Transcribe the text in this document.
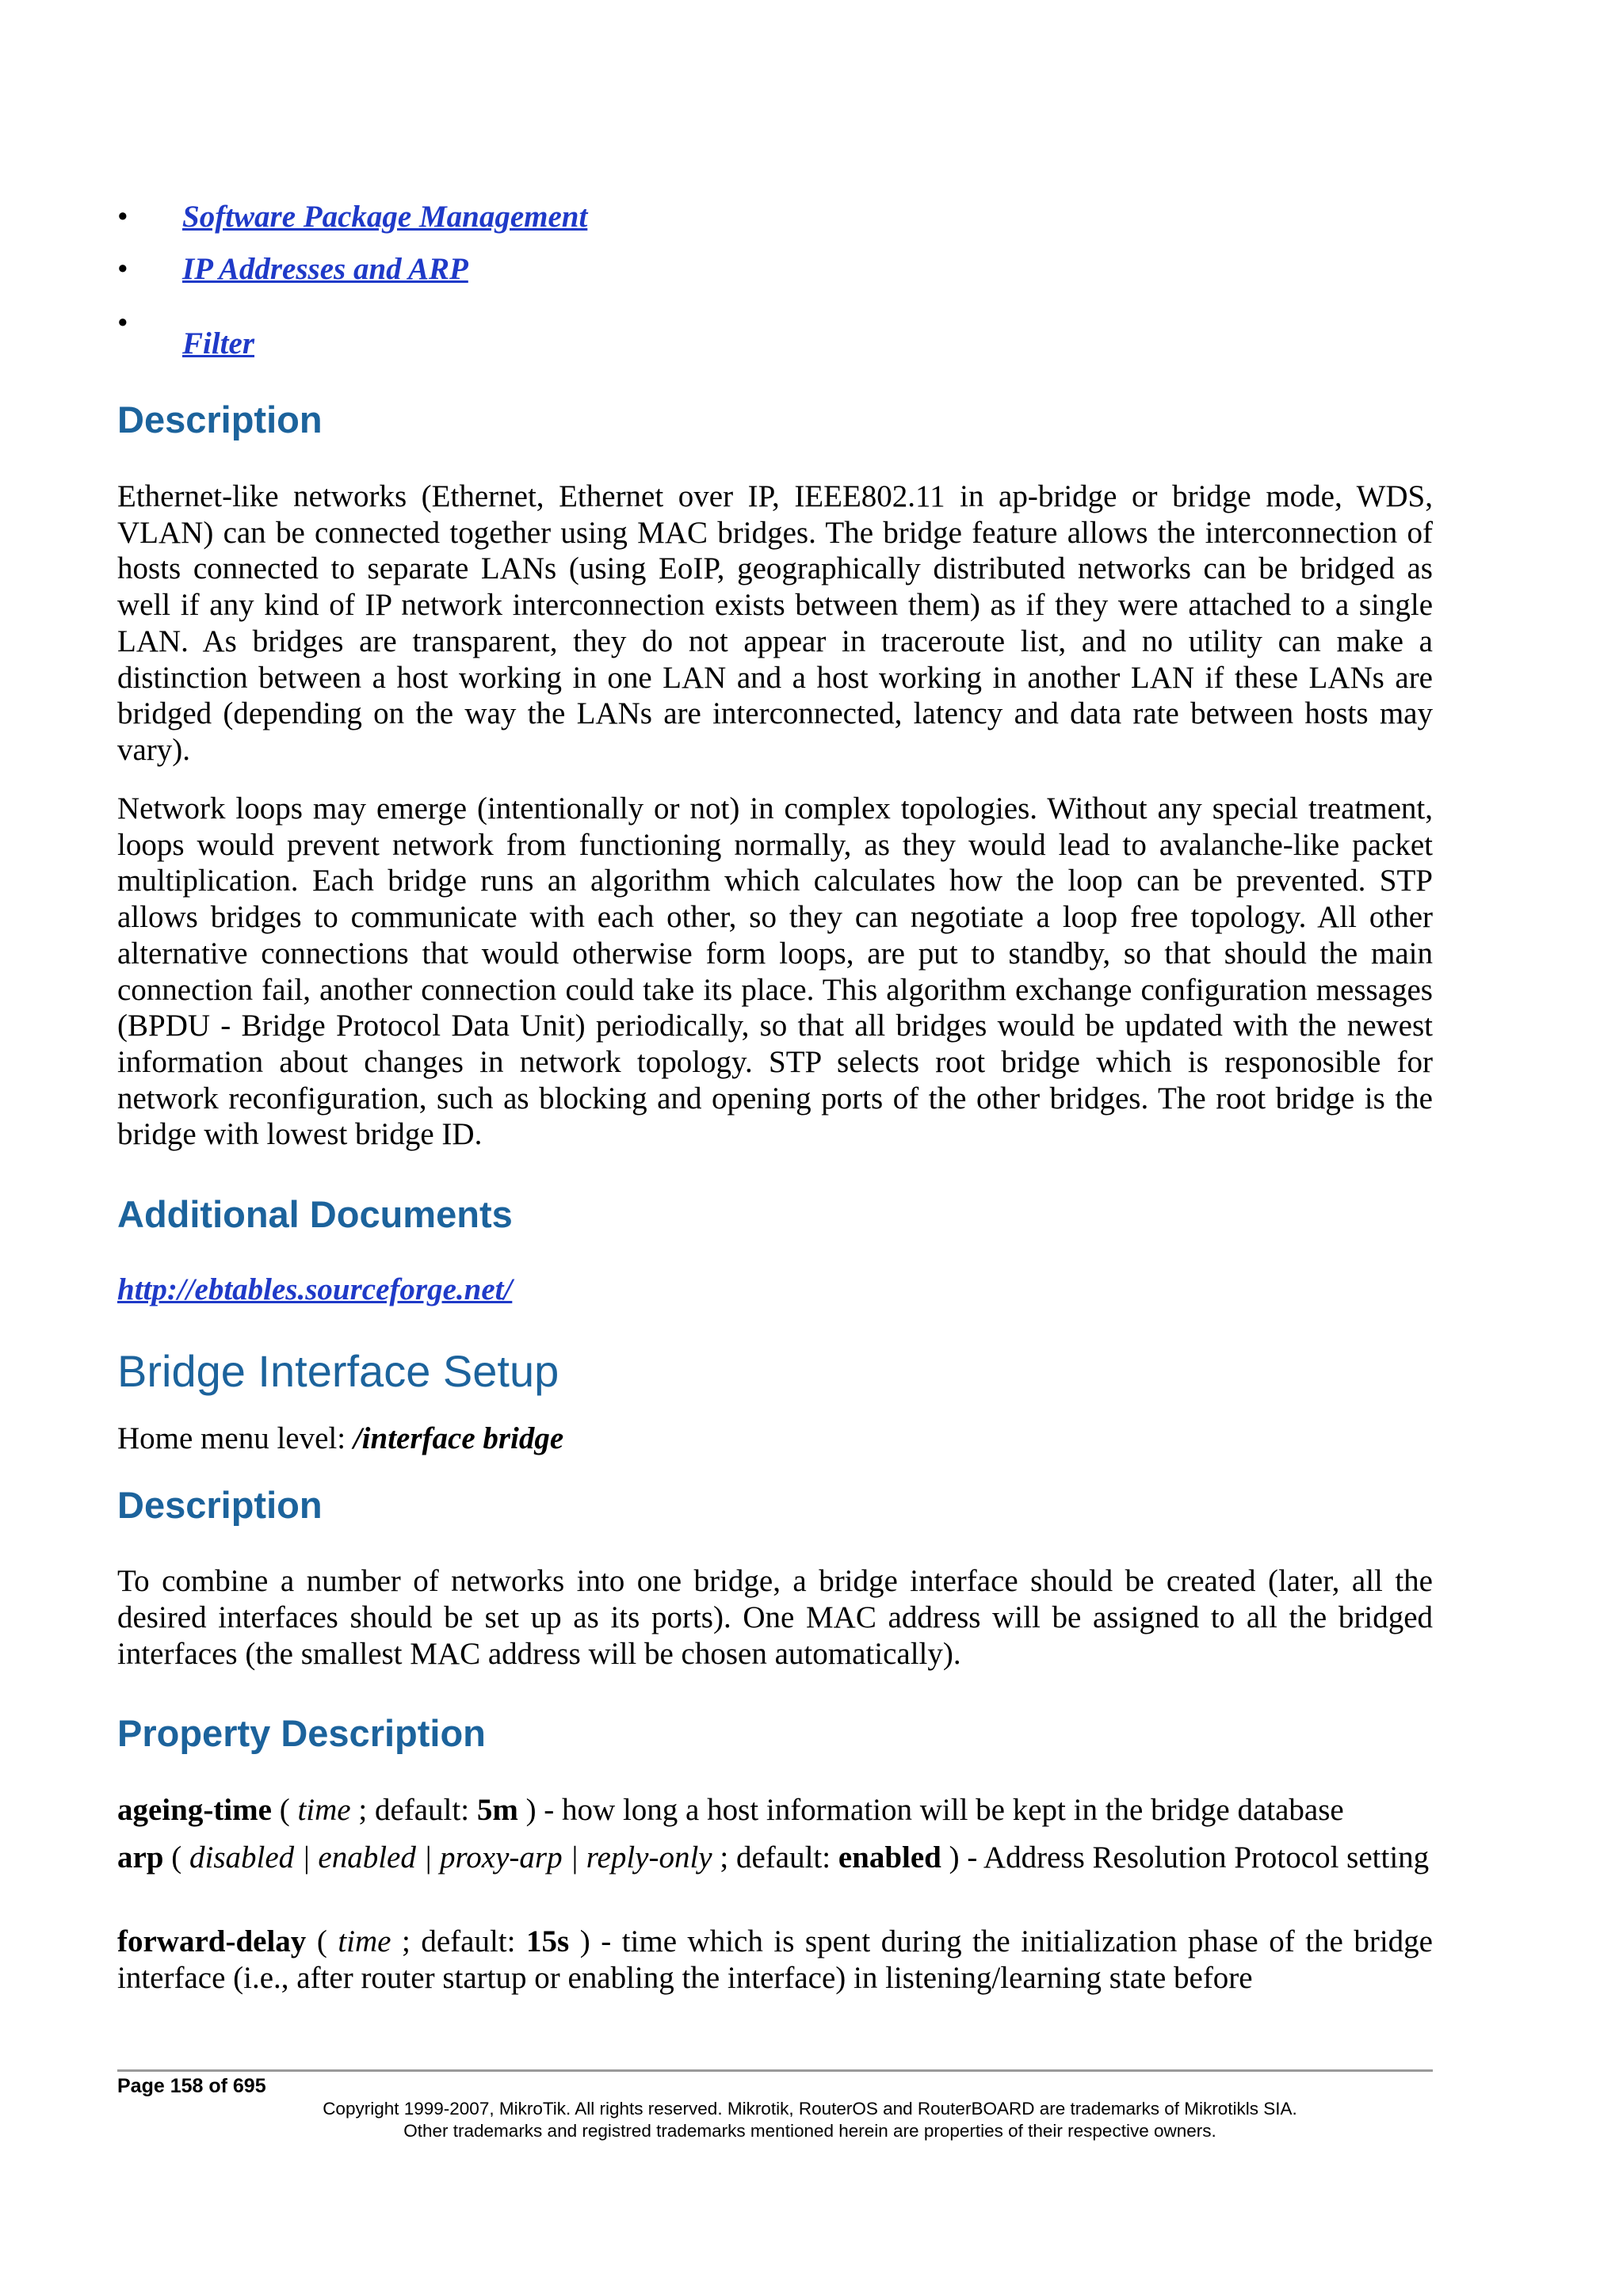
• Software Package Management
• IP Addresses and ARP
•
Filter
Description

Ethernet-like networks (Ethernet, Ethernet over IP, IEEE802.11 in ap-bridge or bridge mode, WDS, VLAN) can be connected together using MAC bridges. The bridge feature allows the interconnection of hosts connected to separate LANs (using EoIP, geographically distributed networks can be bridged as well if any kind of IP network interconnection exists between them) as if they were attached to a single LAN. As bridges are transparent, they do not appear in traceroute list, and no utility can make a distinction between a host working in one LAN and a host working in another LAN if these LANs are bridged (depending on the way the LANs are interconnected, latency and data rate between hosts may vary).

Network loops may emerge (intentionally or not) in complex topologies. Without any special treatment, loops would prevent network from functioning normally, as they would lead to avalanche-like packet multiplication. Each bridge runs an algorithm which calculates how the loop can be prevented. STP allows bridges to communicate with each other, so they can negotiate a loop free topology. All other alternative connections that would otherwise form loops, are put to standby, so that should the main connection fail, another connection could take its place. This algorithm exchange configuration messages (BPDU - Bridge Protocol Data Unit) periodically, so that all bridges would be updated with the newest information about changes in network topology. STP selects root bridge which is responosible for network reconfiguration, such as blocking and opening ports of the other bridges. The root bridge is the bridge with lowest bridge ID.

Additional Documents
http://ebtables.sourceforge.net/
Bridge Interface Setup
Home menu level: /interface bridge
Description

To combine a number of networks into one bridge, a bridge interface should be created (later, all the desired interfaces should be set up as its ports). One MAC address will be assigned to all the bridged interfaces (the smallest MAC address will be chosen automatically).

Property Description

ageing-time ( time ; default: 5m ) - how long a host information will be kept in the bridge database

arp ( disabled | enabled | proxy-arp | reply-only ; default: enabled ) - Address Resolution Protocol setting

forward-delay ( time ; default: 15s ) - time which is spent during the initialization phase of the bridge interface (i.e., after router startup or enabling the interface) in listening/learning state before

Page 158 of 695
Copyright 1999-2007, MikroTik. All rights reserved. Mikrotik, RouterOS and RouterBOARD are trademarks of Mikrotikls SIA.
Other trademarks and registred trademarks mentioned herein are properties of their respective owners.
